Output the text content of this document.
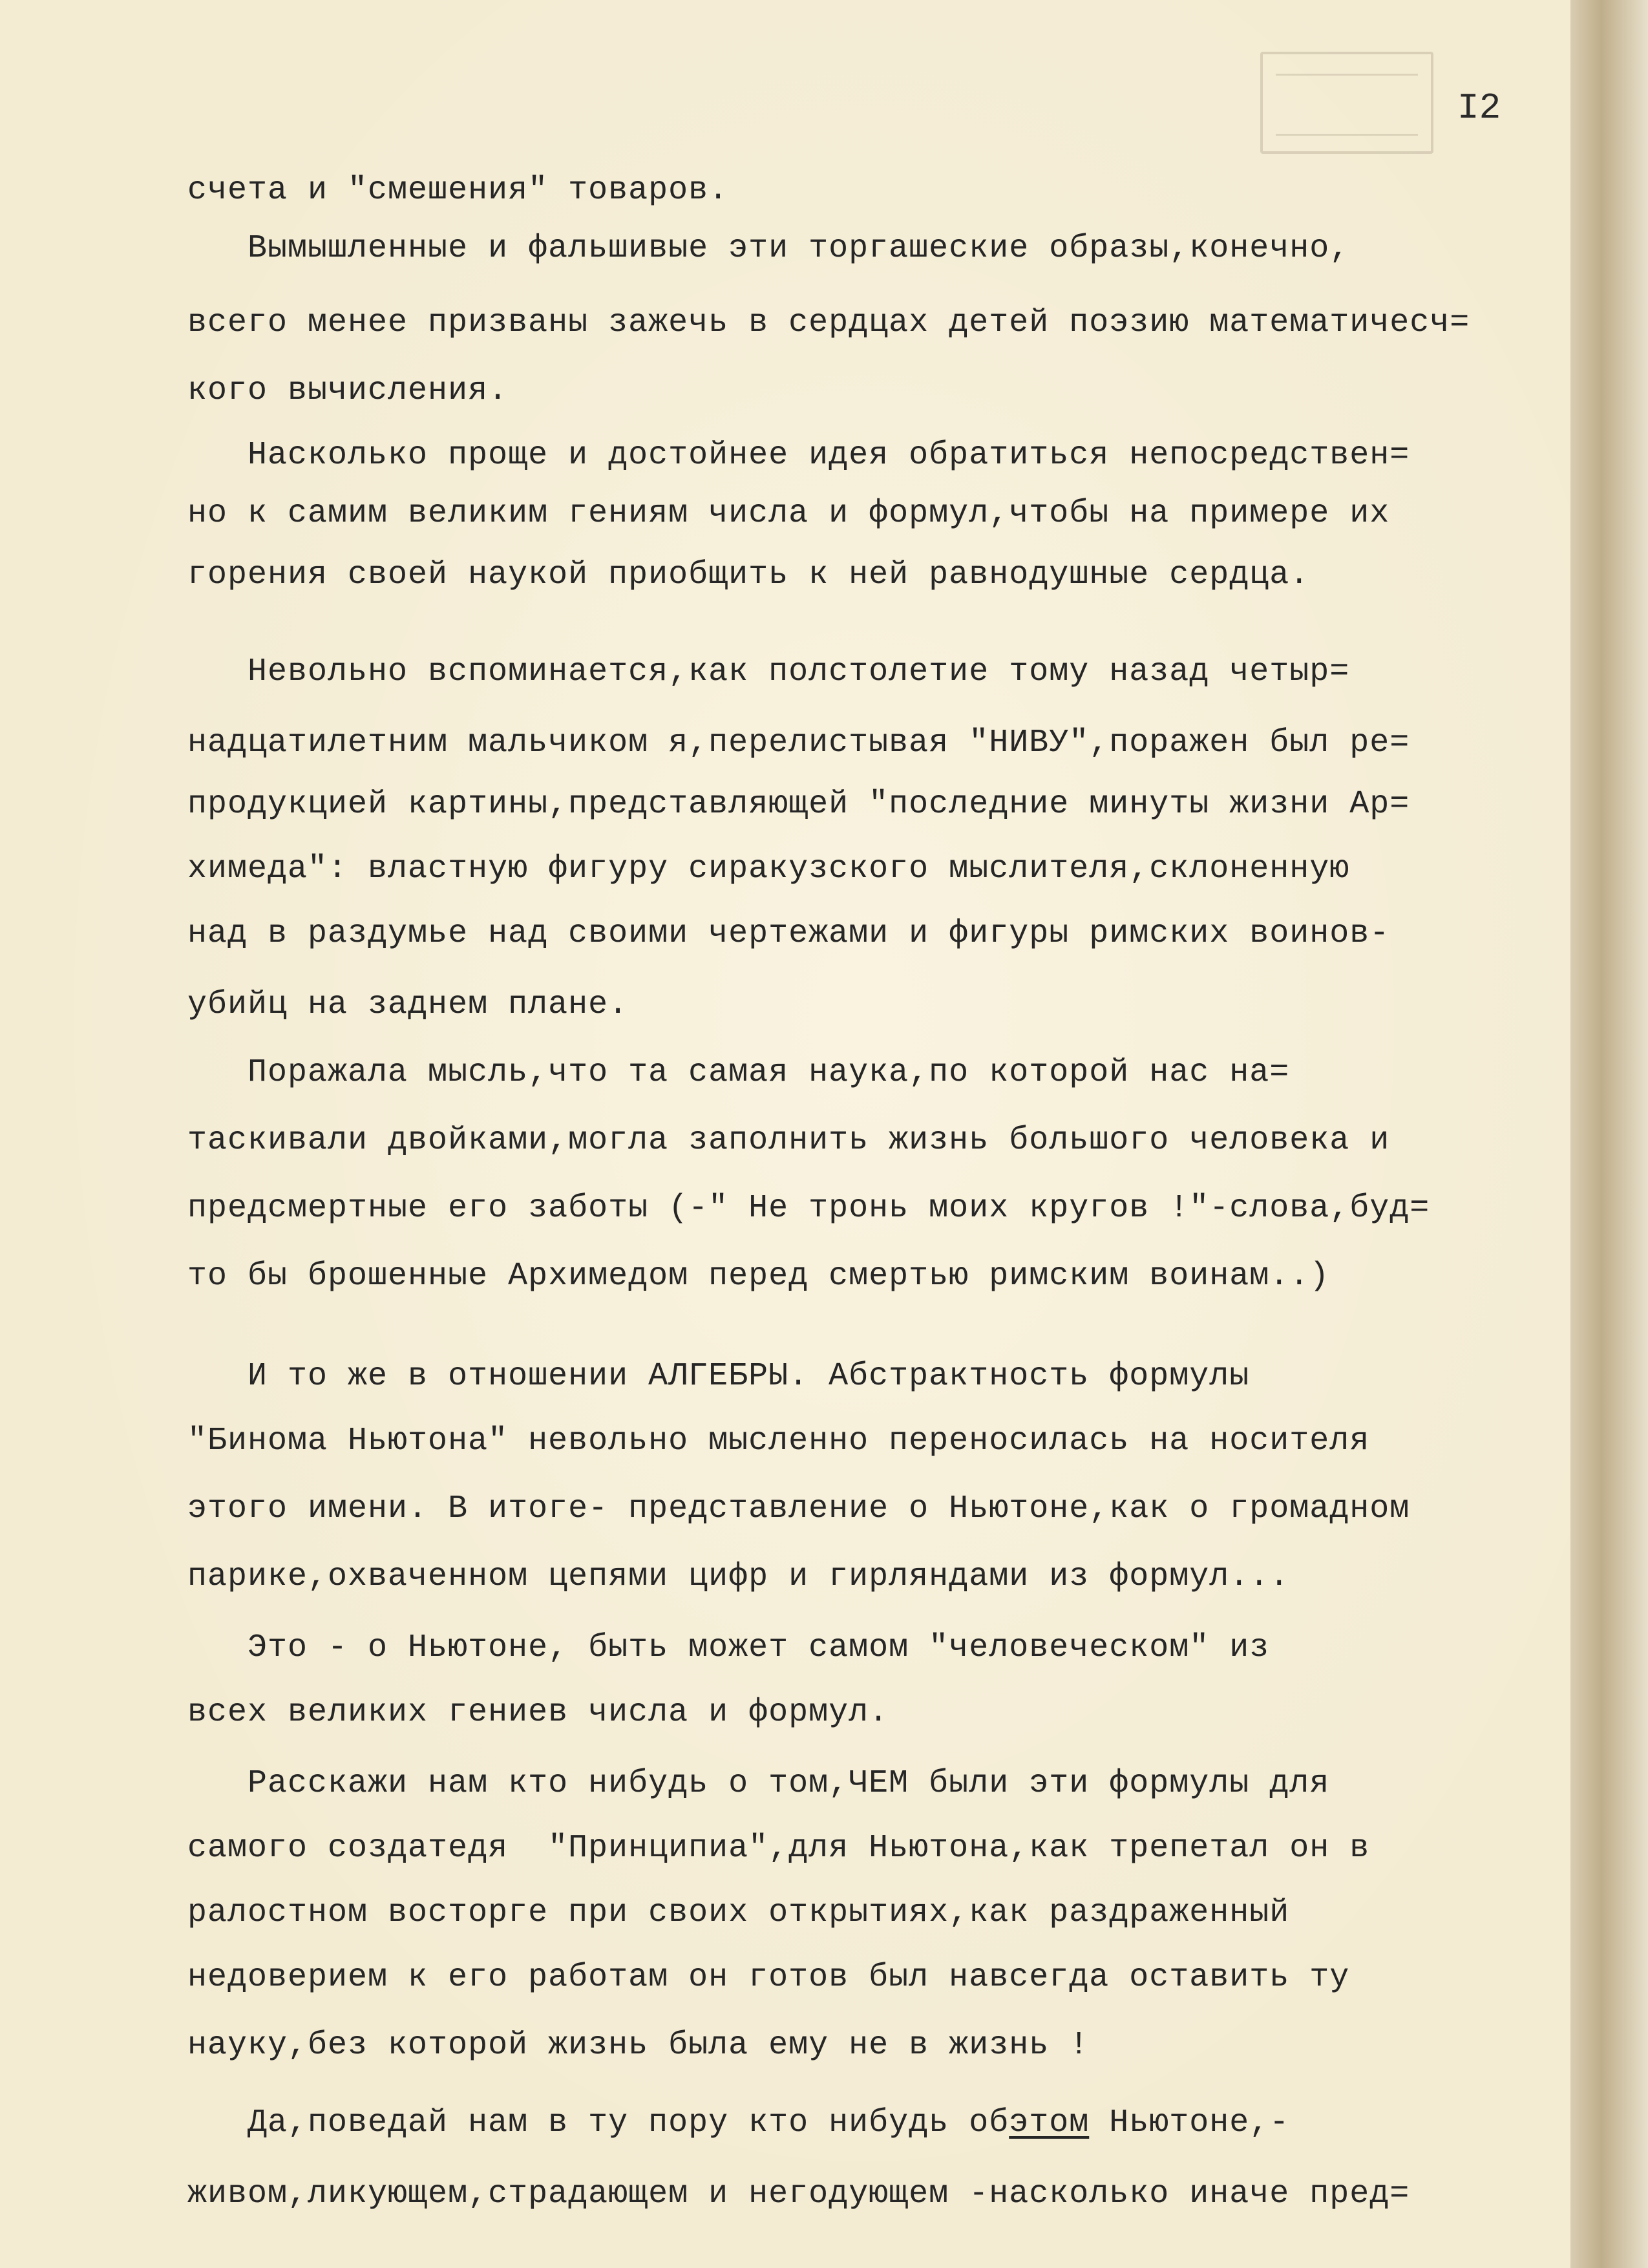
I2
счета и "смешения" товаров.
Вымышленные и фальшивые эти торгашеские образы,конечно,
всего менее призваны зажечь в сердцах детей поэзию математичесч=
кого вычисления.
Насколько проще и достойнее идея обратиться непосредствен=
но к самим великим гениям числа и формул,чтобы на примере их
горения своей наукой приобщить к ней равнодушные сердца.
Невольно вспоминается,как полстолетие тому назад четыр=
надцатилетним мальчиком я,перелистывая "НИВУ",поражен был ре=
продукцией картины,представляющей "последние минуты жизни Ар=
химеда": властную фигуру сиракузского мыслителя,склоненную
над в раздумье над своими чертежами и фигуры римских воинов-
убийц на заднем плане.
Поражала мысль,что та самая наука,по которой нас на=
таскивали двойками,могла заполнить жизнь большого человека и
предсмертные его заботы (-" Не тронь моих кругов !"-слова,буд=
то бы брошенные Архимедом перед смертью римским воинам..)
И то же в отношении АЛГЕБРЫ. Абстрактность формулы
"Бинома Ньютона" невольно мысленно переносилась на носителя
этого имени. В итоге- представление о Ньютоне,как о громадном
парике,охваченном цепями цифр и гирляндами из формул...
Это - о Ньютоне, быть может самом "человеческом" из
всех великих гениев числа и формул.
Расскажи нам кто нибудь о том,ЧЕМ были эти формулы для
самого создатедя  "Принципиа",для Ньютона,как трепетал он в
ралостном восторге при своих открытиях,как раздраженный
недоверием к его работам он готов был навсегда оставить ту
науку,без которой жизнь была ему не в жизнь !
Да,поведай нам в ту пору кто нибудь обэтом Ньютоне,-
живом,ликующем,страдающем и негодующем -насколько иначе пред=
